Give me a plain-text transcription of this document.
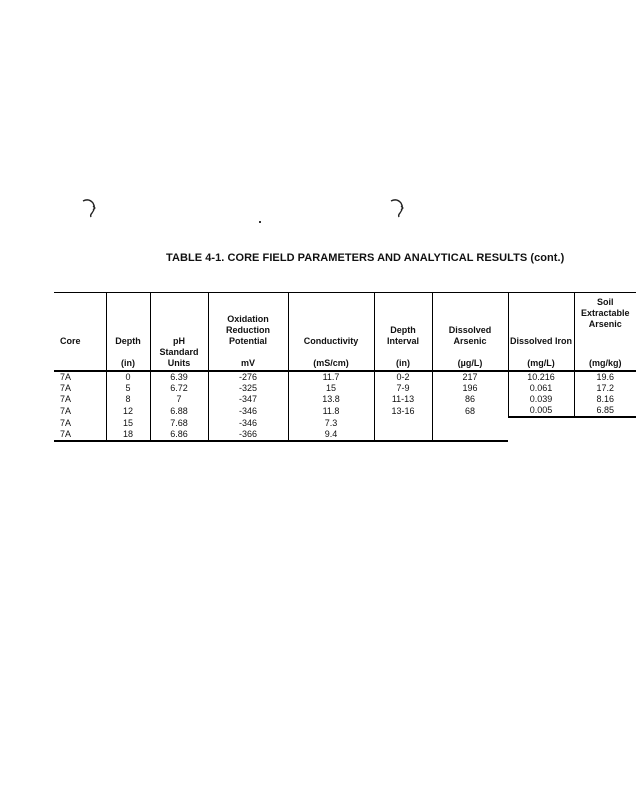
TABLE 4-1. CORE FIELD PARAMETERS AND ANALYTICAL RESULTS (cont.)
Core	Depth	pH	Oxidation Reduction Potential	Conductivity	Depth Interval	Dissolved Arsenic	Dissolved Iron	Soil Extractable Arsenic
	(in)	Standard Units	mV	(mS/cm)	(in)	(µg/L)	(mg/L)	(mg/kg)
7A	0	6.39	-276	11.7	0-2	217	10.216	19.6
7A	5	6.72	-325	15	7-9	196	0.061	17.2
7A	8	7	-347	13.8	11-13	86	0.039	8.16
7A	12	6.88	-346	11.8	13-16	68	0.005	6.85
7A	15	7.68	-346	7.3				
7A	18	6.86	-366	9.4				
